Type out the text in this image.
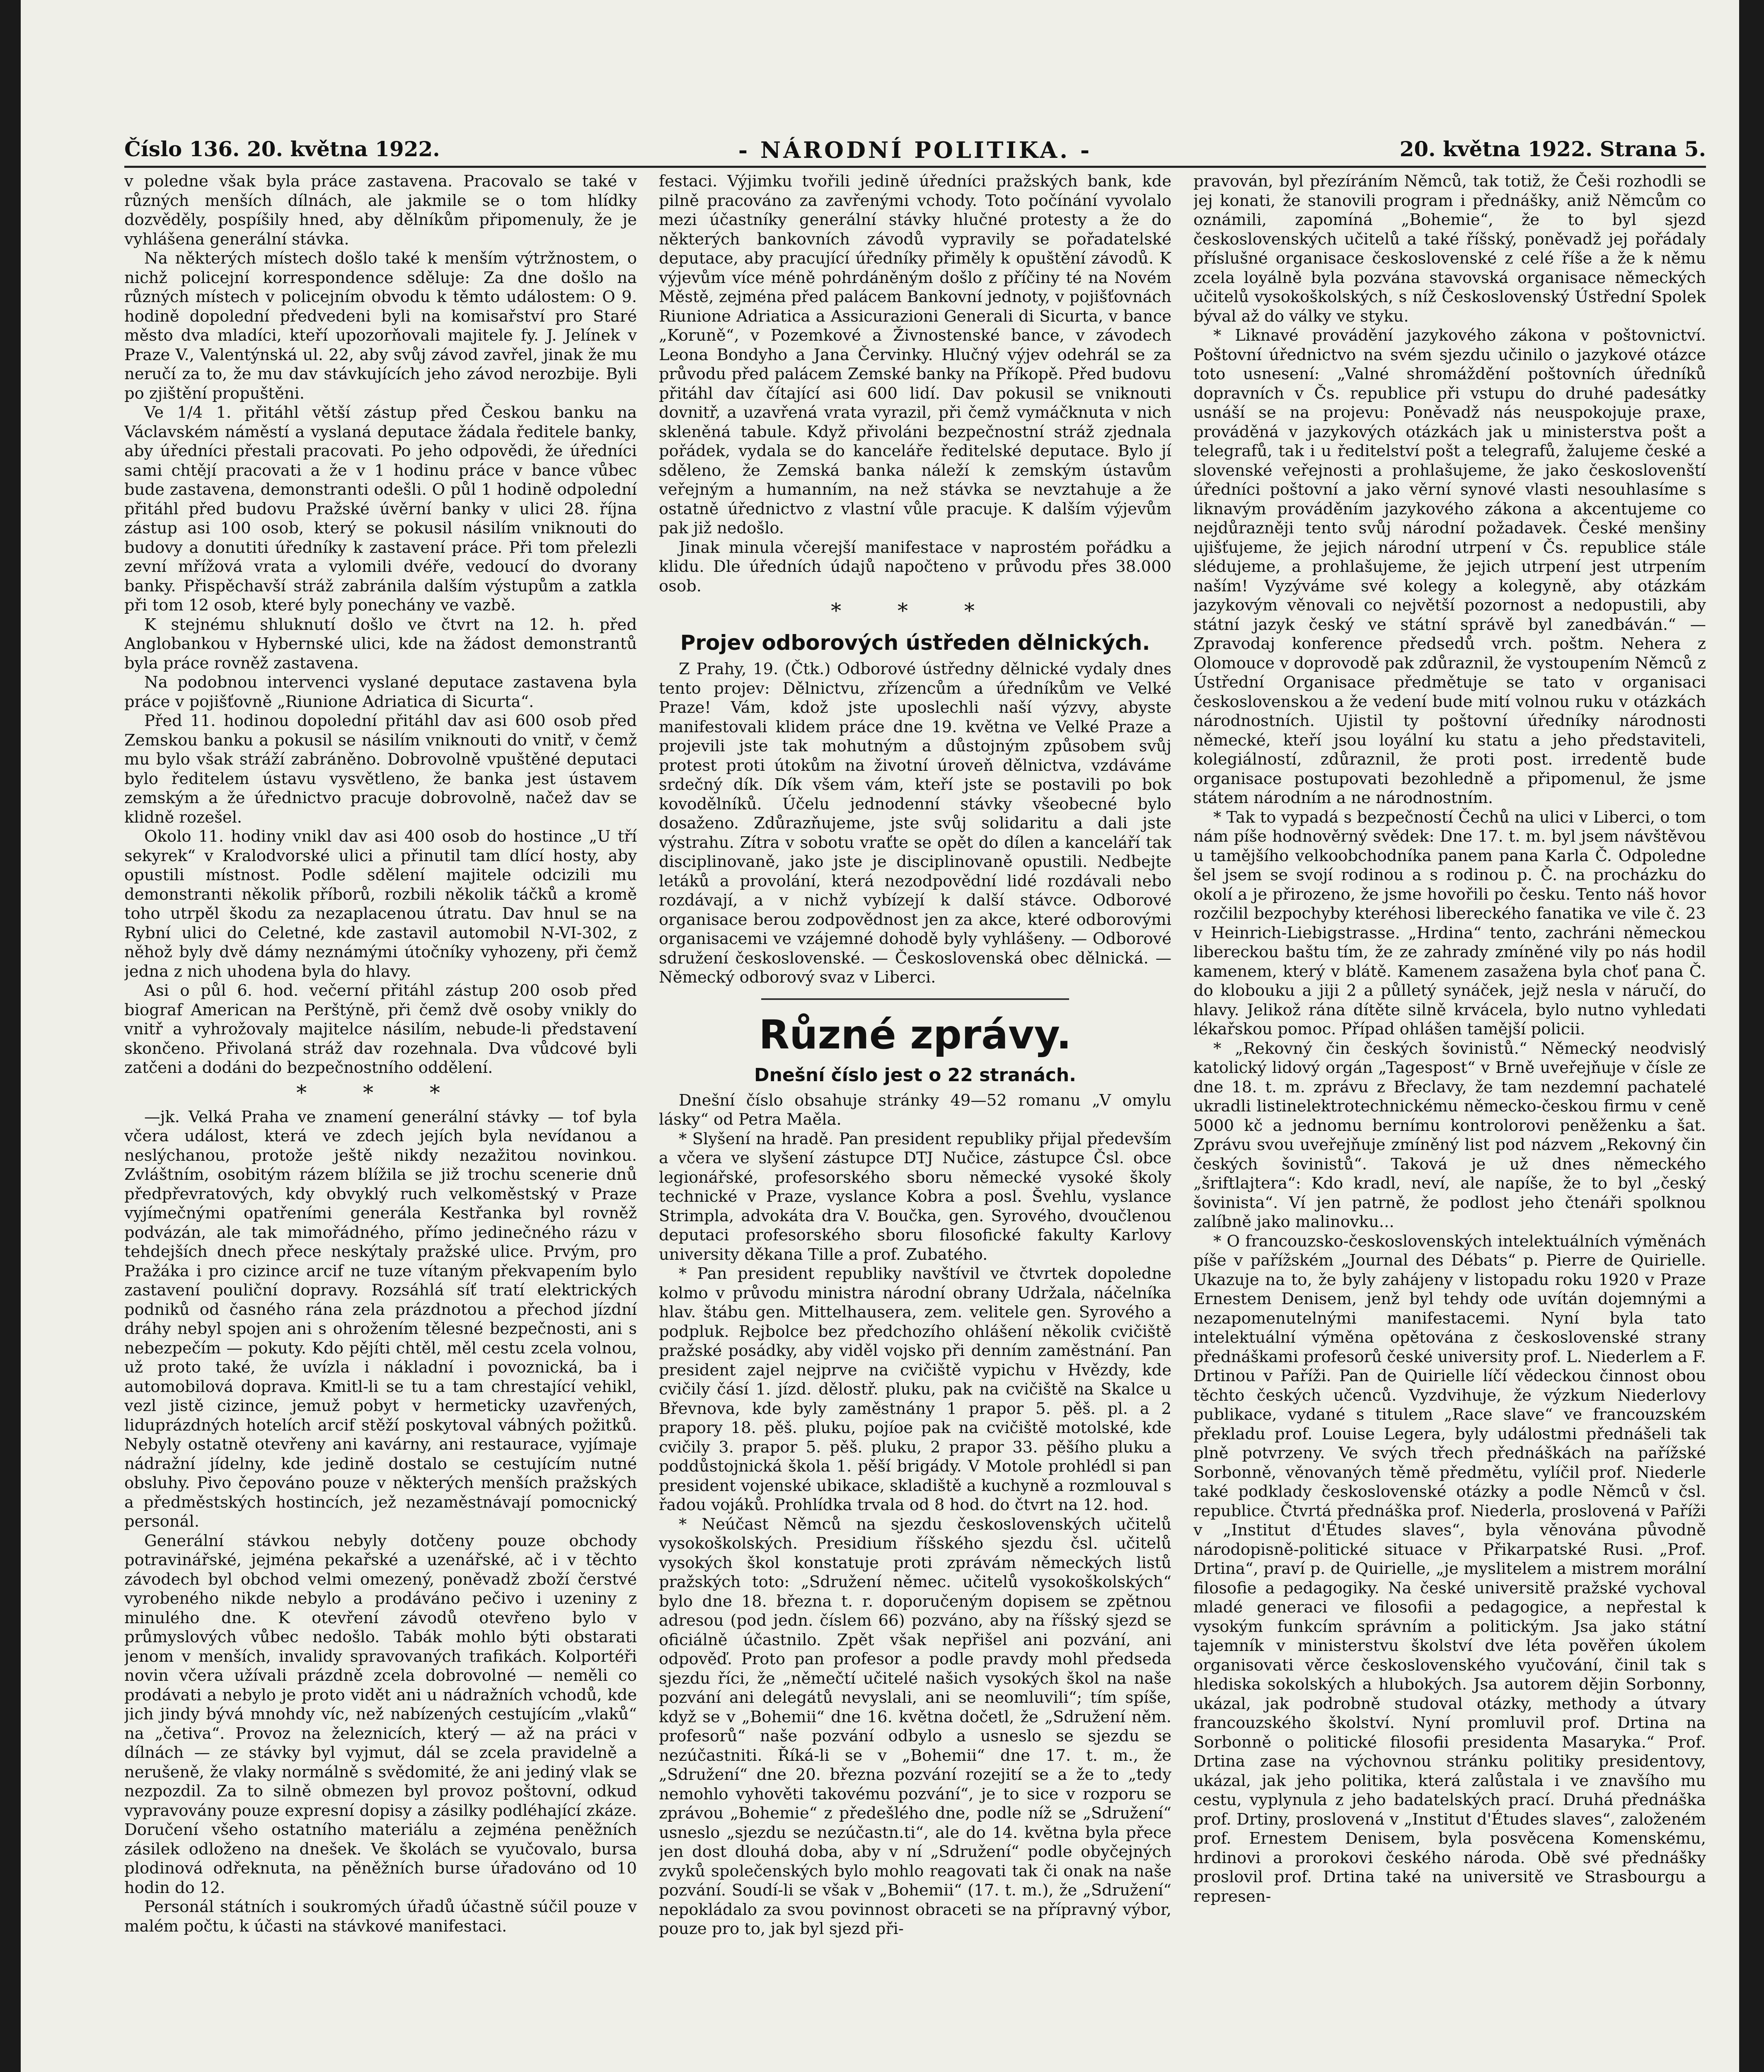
Číslo 136. 20. května 1922.	- NÁRODNÍ POLITIKA. -	20. května 1922. Strana 5.

v poledne však byla práce zastavena. Pracovalo se také v různých menších dílnách, ale jakmile se o tom hlídky dozvěděly, pospíšily hned, aby dělníkům připomenuly, že je vyhlášena generální stávka.

Na některých místech došlo také k menším výtržnostem, o nichž policejní korrespondence sděluje: Za dne došlo na různých místech v policejním obvodu k těmto událostem: O 9. hodině dopolední předvedeni byli na komisařství pro Staré město dva mladíci, kteří upozorňovali majitele fy. J. Jelínek v Praze V., Valentýnská ul. 22, aby svůj závod zavřel, jinak že mu neručí za to, že mu dav stávkujících jeho závod nerozbije. Byli po zjištění propuštěni.

Ve 1/4 1. přitáhl větší zástup před Českou banku na Václavském náměstí a vyslaná deputace žádala ředitele banky, aby úředníci přestali pracovati. Po jeho odpovědi, že úředníci sami chtějí pracovati a že v 1 hodinu práce v bance vůbec bude zastavena, demonstranti odešli. O půl 1 hodině odpolední přitáhl před budovu Pražské úvěrní banky v ulici 28. října zástup asi 100 osob, který se pokusil násilím vniknouti do budovy a donutiti úředníky k zastavení práce. Při tom přelezli zevní mřížová vrata a vylomili dvéře, vedoucí do dvorany banky. Přispěchavší stráž zabránila dalším výstupům a zatkla při tom 12 osob, které byly ponechány ve vazbě.

K stejnému shluknutí došlo ve čtvrt na 12. h. před Anglobankou v Hybernské ulici, kde na žádost demonstrantů byla práce rovněž zastavena.

Na podobnou intervenci vyslané deputace zastavena byla práce v pojišťovně „Riunione Adriatica di Sicurta“.

Před 11. hodinou dopolední přitáhl dav asi 600 osob před Zemskou banku a pokusil se násilím vniknouti do vnitř, v čemž mu bylo však stráží zabráněno. Dobrovolně vpuštěné deputaci bylo ředitelem ústavu vysvětleno, že banka jest ústavem zemským a že úřednictvo pracuje dobrovolně, načež dav se klidně rozešel.

Okolo 11. hodiny vnikl dav asi 400 osob do hostince „U tří sekyrek“ v Kralodvorské ulici a přinutil tam dlící hosty, aby opustili místnost. Podle sdělení majitele odcizili mu demonstranti několik příborů, rozbili několik táčků a kromě toho utrpěl škodu za nezaplacenou útratu. Dav hnul se na Rybní ulici do Celetné, kde zastavil automobil N-VI-302, z něhož byly dvě dámy neznámými útočníky vyhozeny, při čemž jedna z nich uhodena byla do hlavy.

Asi o půl 6. hod. večerní přitáhl zástup 200 osob před biograf American na Perštýně, při čemž dvě osoby vnikly do vnitř a vyhrožovaly majitelce násilím, nebude-li představení skončeno. Přivolaná stráž dav rozehnala. Dva vůdcové byli zatčeni a dodáni do bezpečnostního oddělení.

* * *

—jk. Velká Praha ve znamení generální stávky — tof byla včera událost, která ve zdech jejích byla nevídanou a neslýchanou, protože ještě nikdy nezažitou novinkou. Zvláštním, osobitým rázem blížila se již trochu scenerie dnů předpřevratových, kdy obvyklý ruch velkoměstský v Praze vyjímečnými opatřeními generála Kestřanka byl rovněž podvázán, ale tak mimořádného, přímo jedinečného rázu v tehdejších dnech přece neskýtaly pražské ulice. Prvým, pro Pražáka i pro cizince arcif ne tuze vítaným překvapením bylo zastavení pouliční dopravy. Rozsáhlá síť tratí elektrických podniků od časného rána zela prázdnotou a přechod jízdní dráhy nebyl spojen ani s ohrožením tělesné bezpečnosti, ani s nebezpečím — pokuty. Kdo pějíti chtěl, měl cestu zcela volnou, už proto také, že uvízla i nákladní i povoznická, ba i automobilová doprava. Kmitl-li se tu a tam chrestající vehikl, vezl jistě cizince, jemuž pobyt v hermeticky uzavřených, liduprázdných hotelích arcif stěží poskytoval vábných požitků. Nebyly ostatně otevřeny ani kavárny, ani restaurace, vyjímaje nádražní jídelny, kde jedině dostalo se cestujícím nutné obsluhy. Pivo čepováno pouze v některých menších pražských a předměstských hostincích, jež nezaměstnávají pomocnický personál.

Generální stávkou nebyly dotčeny pouze obchody potravinářské, jejména pekařské a uzenářské, ač i v těchto závodech byl obchod velmi omezený, poněvadž zboží čerstvé vyrobeného nikde nebylo a prodáváno pečivo i uzeniny z minulého dne. K otevření závodů otevřeno bylo v průmyslových vůbec nedošlo. Tabák mohlo býti obstarati jenom v menších, invalidy spravovaných trafikách. Kolportéři novin včera užívali prázdně zcela dobrovolné — neměli co prodávati a nebylo je proto vidět ani u nádražních vchodů, kde jich jindy bývá mnohdy víc, než nabízených cestujícím „vlaků“ na „četiva“. Provoz na železnicích, který — až na práci v dílnách — ze stávky byl vyjmut, dál se zcela pravidelně a nerušeně, že vlaky normálně s svědomité, že ani jediný vlak se nezpozdil. Za to silně obmezen byl provoz poštovní, odkud vypravovány pouze expresní dopisy a zásilky podléhající zkáze. Doručení všeho ostatního materiálu a zejména peněžních zásilek odloženo na dnešek. Ve školách se vyučovalo, bursa plodinová odřeknuta, na pěněžních burse úřadováno od 10 hodin do 12.

Personál státních i soukromých úřadů účastně súčil pouze v malém počtu, k účasti na stávkové manifestaci.

festaci. Výjimku tvořili jedině úředníci pražských bank, kde pilně pracováno za zavřenými vchody. Toto počínání vyvolalo mezi účastníky generální stávky hlučné protesty a že do některých bankovních závodů vypravily se pořadatelské deputace, aby pracující úředníky přiměly k opuštění závodů. K výjevům více méně pohrdáněným došlo z příčiny té na Novém Městě, zejména před palácem Bankovní jednoty, v pojišťovnách Riunione Adriatica a Assicurazioni Generali di Sicurta, v bance „Koruně“, v Pozemkové a Živnostenské bance, v závodech Leona Bondyho a Jana Červinky. Hlučný výjev odehrál se za průvodu před palácem Zemské banky na Příkopě. Před budovu přitáhl dav čítající asi 600 lidí. Dav pokusil se vniknouti dovnitř, a uzavřená vrata vyrazil, při čemž vymáčknuta v nich skleněná tabule. Když přivoláni bezpečnostní stráž zjednala pořádek, vydala se do kanceláře ředitelské deputace. Bylo jí sděleno, že Zemská banka náleží k zemským ústavům veřejným a humanním, na než stávka se nevztahuje a že ostatně úřednictvo z vlastní vůle pracuje. K dalším výjevům pak již nedošlo.

Jinak minula včerejší manifestace v naprostém pořádku a klidu. Dle úředních údajů napočteno v průvodu přes 38.000 osob.

* * *
Projev odborových ústředen dělnických.

Z Prahy, 19. (Čtk.) Odborové ústředny dělnické vydaly dnes tento projev: Dělnictvu, zřízencům a úředníkům ve Velké Praze! Vám, kdož jste uposlechli naší výzvy, abyste manifestovali klidem práce dne 19. května ve Velké Praze a projevili jste tak mohutným a důstojným způsobem svůj protest proti útokům na životní úroveň dělnictva, vzdáváme srdečný dík. Dík všem vám, kteří jste se postavili po bok kovodělníků. Účelu jednodenní stávky všeobecné bylo dosaženo. Zdůrazňujeme, jste svůj solidaritu a dali jste výstrahu. Zítra v sobotu vraťte se opět do dílen a kanceláří tak disciplinovaně, jako jste je disciplinovaně opustili. Nedbejte letáků a provolání, která nezodpovědní lidé rozdávali nebo rozdávají, a v nichž vybízejí k další stávce. Odborové organisace berou zodpovědnost jen za akce, které odborovými organisacemi ve vzájemné dohodě byly vyhlášeny. — Odborové sdružení československé. — Československá obec dělnická. — Německý odborový svaz v Liberci.

Různé zprávy.
Dnešní číslo jest o 22 stranách.

Dnešní číslo obsahuje stránky 49—52 romanu „V omylu lásky“ od Petra Maěla.

* Slyšení na hradě. Pan president republiky přijal především a včera ve slyšení zástupce DTJ Nučice, zástupce Čsl. obce legionářské, profesorského sboru německé vysoké školy technické v Praze, vyslance Kobra a posl. Švehlu, vyslance Strimpla, advokáta dra V. Boučka, gen. Syrového, dvoučlenou deputaci profesorského sboru filosofické fakulty Karlovy university děkana Tille a prof. Zubatého.

* Pan president republiky navštívil ve čtvrtek dopoledne kolmo v průvodu ministra národní obrany Udržala, náčelníka hlav. štábu gen. Mittelhausera, zem. velitele gen. Syrového a podpluk. Rejbolce bez předchozího ohlášení několik cvičiště pražské posádky, aby viděl vojsko při denním zaměstnání. Pan president zajel nejprve na cvičiště vypichu v Hvězdy, kde cvičily čásí 1. jízd. dělostř. pluku, pak na cvičiště na Skalce u Břevnova, kde byly zaměstnány 1 prapor 5. pěš. pl. a 2 prapory 18. pěš. pluku, pojíoe pak na cvičiště motolské, kde cvičily 3. prapor 5. pěš. pluku, 2 prapor 33. pěšího pluku a poddůstojnická škola 1. pěší brigády. V Motole prohlédl si pan president vojenské ubikace, skladiště a kuchyně a rozmlouval s řadou vojáků. Prohlídka trvala od 8 hod. do čtvrt na 12. hod.

* Neúčast Němců na sjezdu československých učitelů vysokoškolských. Presidium říšského sjezdu čsl. učitelů vysokých škol konstatuje proti zprávám německých listů pražských toto: „Sdružení němec. učitelů vysokoškolských“ bylo dne 18. března t. r. doporučeným dopisem se zpětnou adresou (pod jedn. číslem 66) pozváno, aby na říšský sjezd se oficiálně účastnilo. Zpět však nepřišel ani pozvání, ani odpověď. Proto pan profesor a podle pravdy mohl předseda sjezdu říci, že „němečtí učitelé našich vysokých škol na naše pozvání ani delegátů nevyslali, ani se neomluvili“; tím spíše, když se v „Bohemii“ dne 16. května dočetl, že „Sdružení něm. profesorů“ naše pozvání odbylo a usneslo se sjezdu se nezúčastniti. Říká-li se v „Bohemii“ dne 17. t. m., že „Sdružení“ dne 20. března pozvání rozejití se a že to „tedy nemohlo vyhověti takovému pozvání“, je to sice v rozporu se zprávou „Bohemie“ z předešlého dne, podle níž se „Sdružení“ usneslo „sjezdu se nezúčastn.ti“, ale do 14. května byla přece jen dost dlouhá doba, aby v ní „Sdružení“ podle obyčejných zvyků společenských bylo mohlo reagovati tak či onak na naše pozvání. Soudí-li se však v „Bohemii“ (17. t. m.), že „Sdružení“ nepokládalo za svou povinnost obraceti se na přípravný výbor, pouze pro to, jak byl sjezd při-

pravován, byl přezíráním Němců, tak totiž, že Češi rozhodli se jej konati, že stanovili program i přednášky, aniž Němcům co oznámili, zapomíná „Bohemie“, že to byl sjezd československých učitelů a také říšský, poněvadž jej pořádaly příslušné organisace československé z celé říše a že k němu zcela loyálně byla pozvána stavovská organisace německých učitelů vysokoškolských, s níž Československý Ústřední Spolek býval až do války ve styku.

* Liknavé provádění jazykového zákona v poštovnictví. Poštovní úřednictvo na svém sjezdu učinilo o jazykové otázce toto usnesení: „Valné shromáždění poštovních úředníků dopravních v Čs. republice při vstupu do druhé padesátky usnáší se na projevu: Poněvadž nás neuspokojuje praxe, prováděná v jazykových otázkách jak u ministerstva pošt a telegrafů, tak i u ředitelství pošt a telegrafů, žalujeme české a slovenské veřejnosti a prohlašujeme, že jako českoslovenští úředníci poštovní a jako věrní synové vlasti nesouhlasíme s liknavým prováděním jazykového zákona a akcentujeme co nejdůrazněji tento svůj národní požadavek. České menšiny ujišťujeme, že jejich národní utrpení v Čs. republice stále slédujeme, a prohlašujeme, že jejich utrpení jest utrpením naším! Vyzýváme své kolegy a kolegyně, aby otázkám jazykovým věnovali co největší pozornost a nedopustili, aby státní jazyk český ve státní správě byl zanedbáván.“ — Zpravodaj konference předsedů vrch. poštm. Nehera z Olomouce v doprovodě pak zdůraznil, že vystoupením Němců z Ústřední Organisace předmětuje se tato v organisaci československou a že vedení bude mití volnou ruku v otázkách národnostních. Ujistil ty poštovní úředníky národnosti německé, kteří jsou loyální ku statu a jeho představiteli, kolegiálností, zdůraznil, že proti post. irredentě bude organisace postupovati bezohledně a připomenul, že jsme státem národním a ne národnostním.

* Tak to vypadá s bezpečností Čechů na ulici v Liberci, o tom nám píše hodnověrný svědek: Dne 17. t. m. byl jsem návštěvou u tamějšího velkoobchodníka panem pana Karla Č. Odpoledne šel jsem se svojí rodinou a s rodinou p. Č. na procházku do okolí a je přirozeno, že jsme hovořili po česku. Tento náš hovor rozčilil bezpochyby kteréhosi libereckého fanatika ve vile č. 23 v Heinrich-Liebigstrasse. „Hrdina“ tento, zachráni německou libereckou baštu tím, že ze zahrady zmíněné vily po nás hodil kamenem, který v blátě. Kamenem zasažena byla choť pana Č. do klobouku a jiji 2 a půlletý synáček, jejž nesla v náručí, do hlavy. Jelikož rána dítěte silně krvácela, bylo nutno vyhledati lékařskou pomoc. Případ ohlášen tamější policii.

* „Rekovný čin českých šovinistů.“ Německý neodvislý katolický lidový orgán „Tagespost“ v Brně uveřejňuje v čísle ze dne 18. t. m. zprávu z Břeclavy, že tam nezdemní pachatelé ukradli listinelektrotechnickému německo-českou firmu v ceně 5000 kč a jednomu bernímu kontrolorovi peněženku a šat. Zprávu svou uveřejňuje zmíněný list pod názvem „Rekovný čin českých šovinistů“. Taková je už dnes německého „šriftlajtera“: Kdo kradl, neví, ale napíše, že to byl „český šovinista“. Ví jen patrně, že podlost jeho čtenáři spolknou zalíbně jako malinovku...

* O francouzsko-československých intelektuálních výměnách píše v pařížském „Journal des Débats“ p. Pierre de Quirielle. Ukazuje na to, že byly zahájeny v listopadu roku 1920 v Praze Ernestem Denisem, jenž byl tehdy ode uvítán dojemnými a nezapomenutelnými manifestacemi. Nyní byla tato intelektuální výměna opětována z československé strany přednáškami profesorů české university prof. L. Niederlem a F. Drtinou v Paříži. Pan de Quirielle líčí vědeckou činnost obou těchto českých učenců. Vyzdvihuje, že výzkum Niederlovy publikace, vydané s titulem „Race slave“ ve francouzském překladu prof. Louise Legera, byly událostmi přednášeli tak plně potvrzeny. Ve svých třech přednáškách na pařížské Sorbonně, věnovaných těmě předmětu, vylíčil prof. Niederle také podklady československé otázky a podle Němců v čsl. republice. Čtvrtá přednáška prof. Niederla, proslovená v Paříži v „Institut d'Études slaves“, byla věnována původně národopisně-politické situace v Přikarpatské Rusi. „Prof. Drtina“, praví p. de Quirielle, „je myslitelem a mistrem morální filosofie a pedagogiky. Na české universitě pražské vychoval mladé generaci ve filosofii a pedagogice, a nepřestal k vysokým funkcím správním a politickým. Jsa jako státní tajemník v ministerstvu školství dve léta pověřen úkolem organisovati věrce československého vyučování, činil tak s hlediska sokolských a hlubokých. Jsa autorem dějin Sorbonny, ukázal, jak podrobně studoval otázky, methody a útvary francouzského školství. Nyní promluvil prof. Drtina na Sorbonně o politické filosofii presidenta Masaryka.“ Prof. Drtina zase na výchovnou stránku politiky presidentovy, ukázal, jak jeho politika, která zalůstala i ve znavšího mu cestu, vyplynula z jeho badatelských prací. Druhá přednáška prof. Drtiny, proslovená v „Institut d'Études slaves“, založeném prof. Ernestem Denisem, byla posvěcena Komenskému, hrdinovi a prorokovi českého národa. Obě své přednášky proslovil prof. Drtina také na universitě ve Strasbourgu a represen-
